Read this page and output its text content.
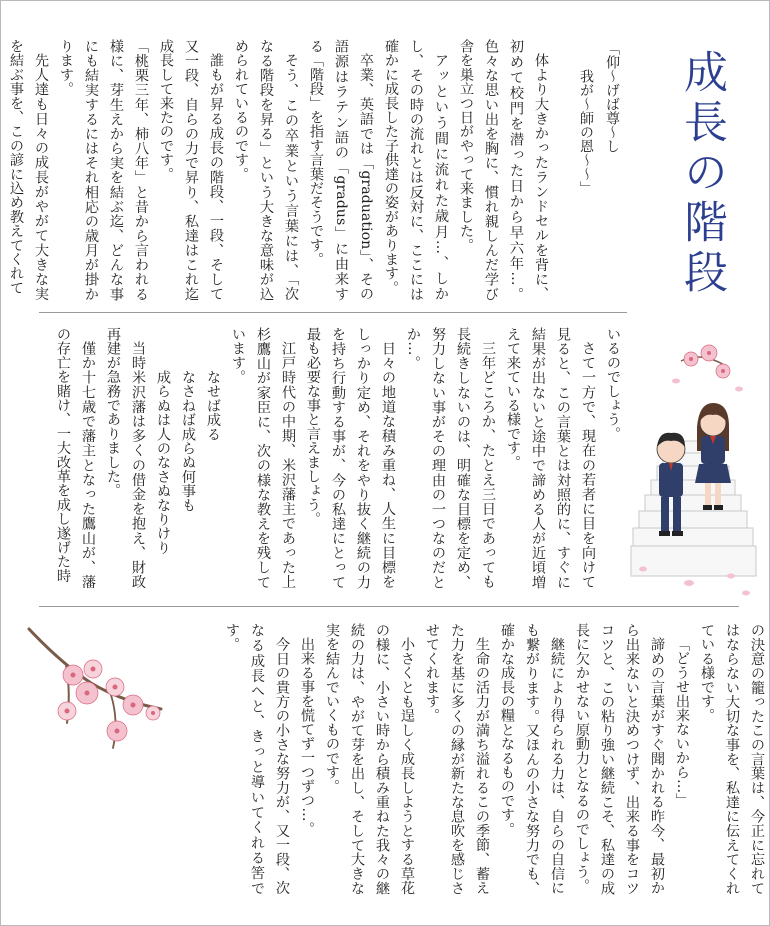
成長の階段
「仰～げば尊～し
我が～師の恩～～」

体より大きかったランドセルを背に、初めて校門を潜った日から早六年…。色々な思い出を胸に、慣れ親しんだ学び舎を巣立つ日がやって来ました。

アッという間に流れた歳月…、しかし、その時の流れとは反対に、ここには確かに成長した子供達の姿があります。

卒業、英語では「graduation」、その語源はラテン語の「gradus」に由来する「階段」を指す言葉だそうです。

そう、この卒業という言葉には、「次なる階段を昇る」という大きな意味が込められているのです。

誰もが昇る成長の階段、一段、そして又一段、自らの力で昇り、私達はこれ迄成長して来たのです。

「桃栗三年、柿八年」と昔から言われる様に、芽生えから実を結ぶ迄、どんな事にも結実するにはそれ相応の歳月が掛かります。

先人達も日々の成長がやがて大きな実を結ぶ事を、この諺に込め教えてくれて

いるのでしょう。

さて一方で、現在の若者に目を向けて見ると、この言葉とは対照的に、すぐに結果が出ないと途中で諦める人が近頃増えて来ている様です。

三年どころか、たとえ三日であっても長続きしないのは、明確な目標を定め、努力しない事がその理由の一つなのだとか…。

日々の地道な積み重ね、人生に目標をしっかり定め、それをやり抜く継続の力を持ち行動する事が、今の私達にとって最も必要な事と言えましょう。

江戸時代の中期、米沢藩主であった上杉鷹山が家臣に、次の様な教えを残しています。

なせば成る

なさねば成らぬ何事も

成らぬは人のなさぬなりけり

当時米沢藩は多くの借金を抱え、財政再建が急務でありました。

僅か十七歳で藩主となった鷹山が、藩の存亡を賭け、一大改革を成し遂げた時

の決意の籠ったこの言葉は、今正に忘れてはならない大切な事を、私達に伝えてくれている様です。

「どうせ出来ないから…」

諦めの言葉がすぐ聞かれる昨今、最初から出来ないと決めつけず、出来る事をコツコツと、この粘り強い継続こそ、私達の成長に欠かせない原動力となるのでしょう。

継続により得られる力は、自らの自信にも繋がります。又ほんの小さな努力でも、確かな成長の糧となるものです。

生命の活力が満ち溢れるこの季節、蓄えた力を基に多くの縁が新たな息吹を感じさせてくれます。

小さくとも逞しく成長しようとする草花の様に、小さい時から積み重ねた我々の継続の力は、やがて芽を出し、そして大きな実を結んでいくものです。

出来る事を慌てず一つずつ…。

今日の貴方の小さな努力が、又一段、次なる成長へと、きっと導いてくれる筈です。
